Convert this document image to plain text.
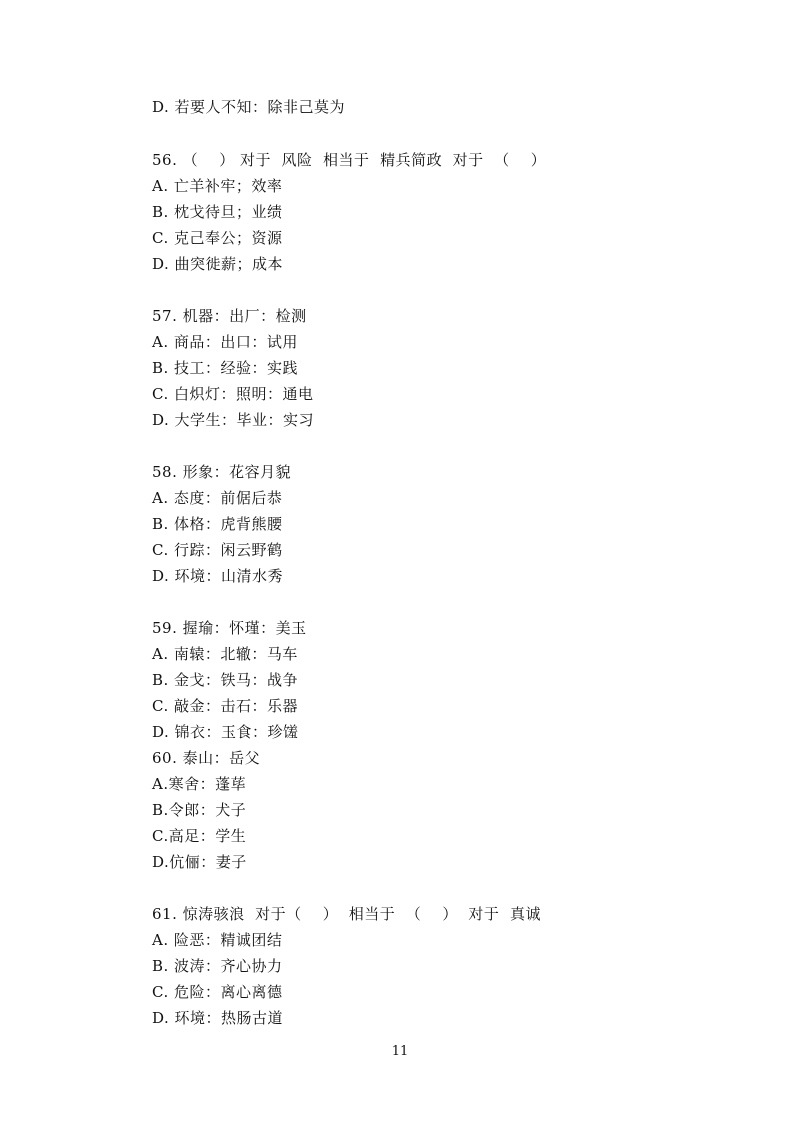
D. 若要人不知：除非己莫为
56. （    ） 对于  风险  相当于  精兵简政  对于  （    ）
A. 亡羊补牢；效率
B. 枕戈待旦；业绩
C. 克己奉公；资源
D. 曲突徙薪；成本
57. 机器：出厂：检测
A. 商品：出口：试用
B. 技工：经验：实践
C. 白炽灯：照明：通电
D. 大学生：毕业：实习
58. 形象：花容月貌
A. 态度：前倨后恭
B. 体格：虎背熊腰
C. 行踪：闲云野鹤
D. 环境：山清水秀
59. 握瑜：怀瑾：美玉
A. 南辕：北辙：马车
B. 金戈：铁马：战争
C. 敲金：击石：乐器
D. 锦衣：玉食：珍馐
60. 泰山：岳父
A.寒舍：蓬荜
B.令郎：犬子
C.高足：学生
D.伉俪：妻子
61. 惊涛骇浪  对于（    ）  相当于  （    ）  对于  真诚
A. 险恶：精诚团结
B. 波涛：齐心协力
C. 危险：离心离德
D. 环境：热肠古道
11
